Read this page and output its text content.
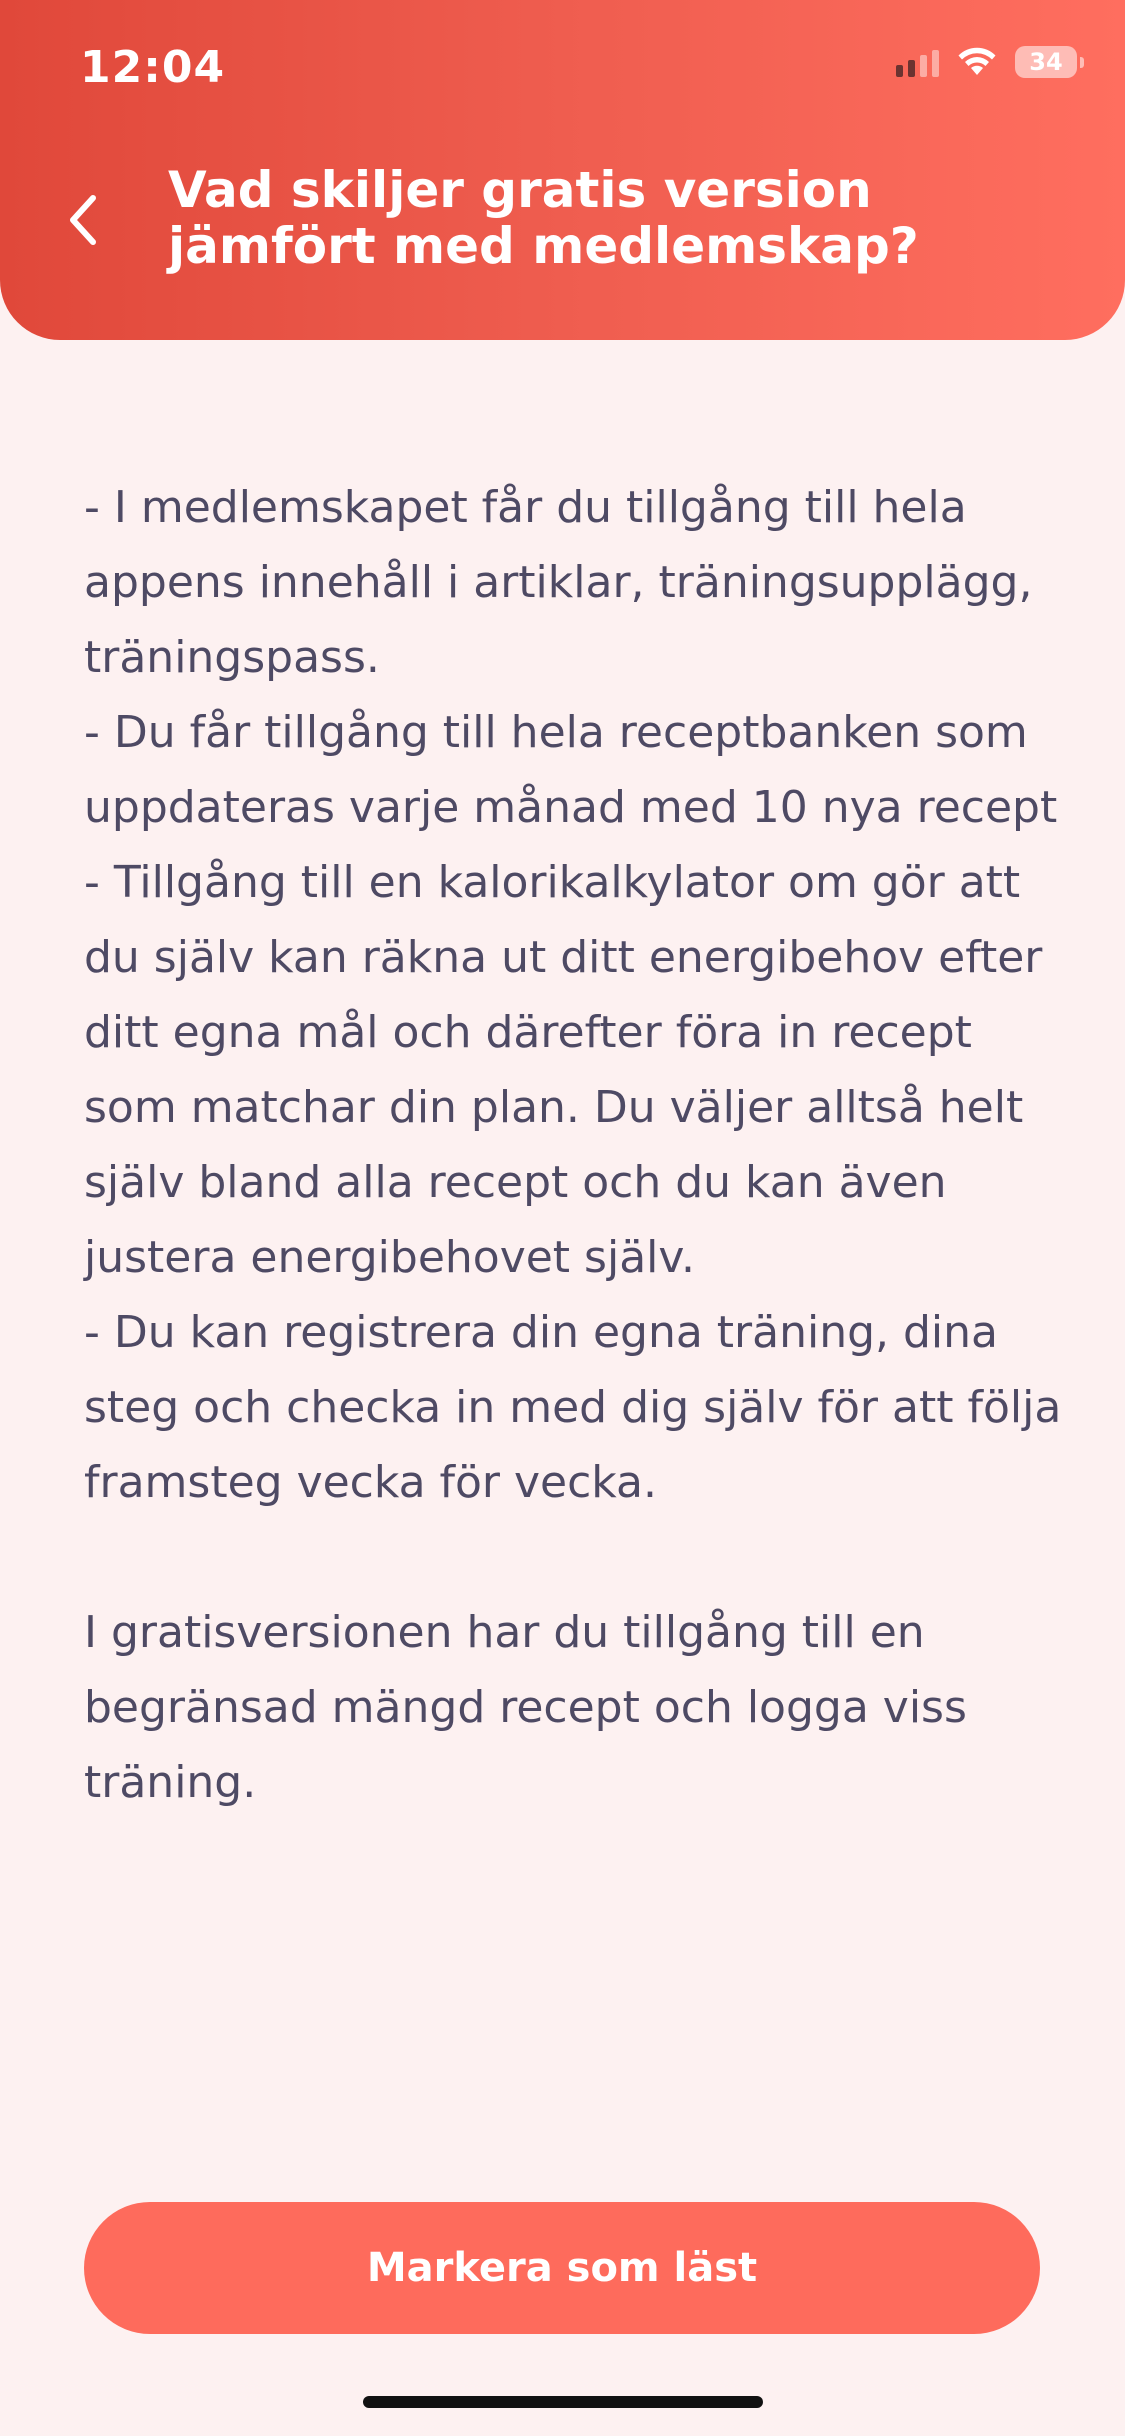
12:04	34
Vad skiljer gratis version jämfört med medlemskap?

- I medlemskapet får du tillgång till hela appens innehåll i artiklar, träningsupplägg, träningspass.
- Du får tillgång till hela receptbanken som uppdateras varje månad med 10 nya recept
- Tillgång till en kalorikalkylator om gör att du själv kan räkna ut ditt energibehov efter ditt egna mål och därefter föra in recept som matchar din plan. Du väljer alltså helt själv bland alla recept och du kan även justera energibehovet själv.
- Du kan registrera din egna träning, dina steg och checka in med dig själv för att följa framsteg vecka för vecka.

I gratisversionen har du tillgång till en begränsad mängd recept och logga viss träning.

Markera som läst
